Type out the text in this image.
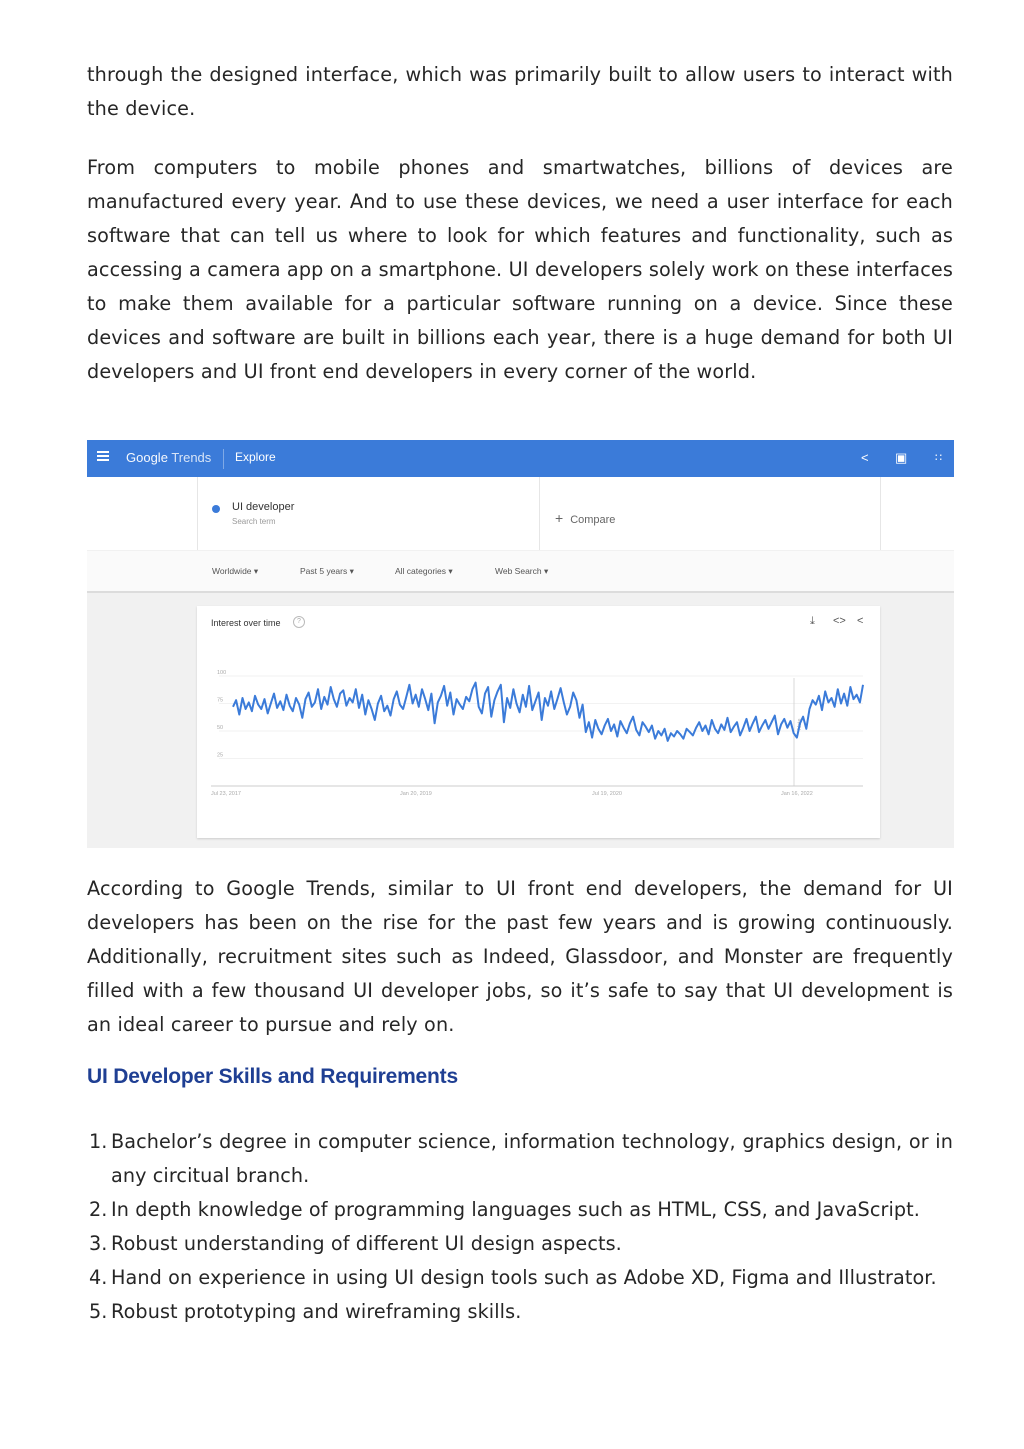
through the designed interface, which was primarily built to allow users to interact with the device.

From computers to mobile phones and smartwatches, billions of devices are manufactured every year. And to use these devices, we need a user interface for each software that can tell us where to look for which features and functionality, such as accessing a camera app on a smartphone. UI developers solely work on these interfaces to make them available for a particular software running on a device. Since these devices and software are built in billions each year, there is a huge demand for both UI developers and UI front end developers in every corner of the world.

Google Trends Explore	< ▣	∷
UI developer
Search term	+ Compare
Worldwide ▾	Past 5 years ▾	All categories ▾	Web Search ▾
Interest over time	?	⤓ <> <
100
75
50
25
Jul 23, 2017	Jan 20, 2019	Jul 19, 2020	Jan 16, 2022
Note

According to Google Trends, similar to UI front end developers, the demand for UI developers has been on the rise for the past few years and is growing continuously. Additionally, recruitment sites such as Indeed, Glassdoor, and Monster are frequently filled with a few thousand UI developer jobs, so it’s safe to say that UI development is an ideal career to pursue and rely on.

UI Developer Skills and Requirements
1. Bachelor’s degree in computer science, information technology, graphics design, or in any circitual branch.
2. In depth knowledge of programming languages such as HTML, CSS, and JavaScript.
3. Robust understanding of different UI design aspects.
4. Hand on experience in using UI design tools such as Adobe XD, Figma and Illustrator.
5. Robust prototyping and wireframing skills.
